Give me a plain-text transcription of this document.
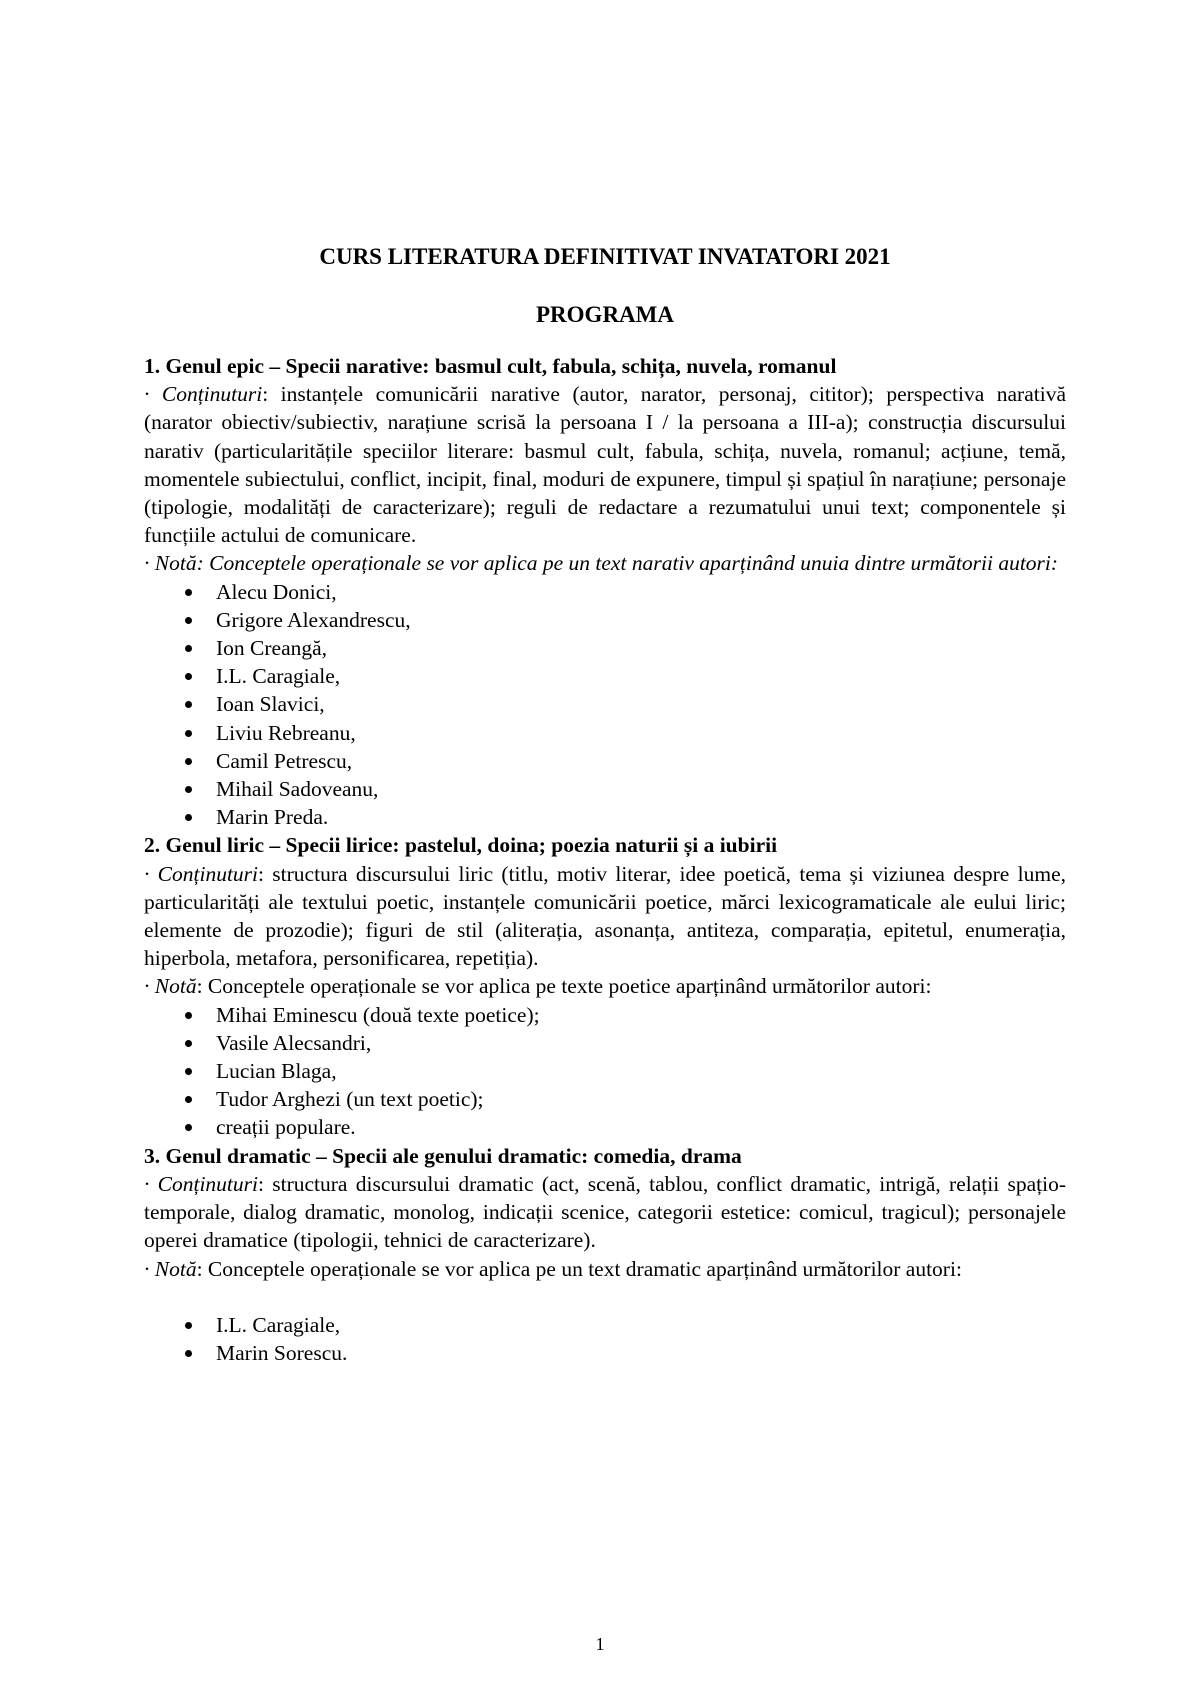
CURS LITERATURA DEFINITIVAT INVATATORI 2021

PROGRAMA

1. Genul epic – Specii narative: basmul cult, fabula, schița, nuvela, romanul

· Conținuturi: instanțele comunicării narative (autor, narator, personaj, cititor); perspectiva narativă (narator obiectiv/subiectiv, narațiune scrisă la persoana I / la persoana a III-a); construcția discursului narativ (particularitățile speciilor literare: basmul cult, fabula, schița, nuvela, romanul; acțiune, temă, momentele subiectului, conflict, incipit, final, moduri de expunere, timpul și spațiul în narațiune; personaje (tipologie, modalități de caracterizare); reguli de redactare a rezumatului unui text; componentele și funcțiile actului de comunicare.

· Notă: Conceptele operaționale se vor aplica pe un text narativ aparținând unuia dintre următorii autori:

Alecu Donici,
Grigore Alexandrescu,
Ion Creangă,
I.L. Caragiale,
Ioan Slavici,
Liviu Rebreanu,
Camil Petrescu,
Mihail Sadoveanu,
Marin Preda.

2. Genul liric – Specii lirice: pastelul, doina; poezia naturii și a iubirii

· Conținuturi: structura discursului liric (titlu, motiv literar, idee poetică, tema și viziunea despre lume, particularități ale textului poetic, instanțele comunicării poetice, mărci lexicogramaticale ale eului liric; elemente de prozodie); figuri de stil (aliterația, asonanța, antiteza, comparația, epitetul, enumerația, hiperbola, metafora, personificarea, repetiția).

· Notă: Conceptele operaționale se vor aplica pe texte poetice aparținând următorilor autori:

Mihai Eminescu (două texte poetice);
Vasile Alecsandri,
Lucian Blaga,
Tudor Arghezi (un text poetic);
creații populare.

3. Genul dramatic – Specii ale genului dramatic: comedia, drama

· Conținuturi: structura discursului dramatic (act, scenă, tablou, conflict dramatic, intrigă, relații spațio-temporale, dialog dramatic, monolog, indicații scenice, categorii estetice: comicul, tragicul); personajele operei dramatice (tipologii, tehnici de caracterizare).

· Notă: Conceptele operaționale se vor aplica pe un text dramatic aparținând următorilor autori:

I.L. Caragiale,
Marin Sorescu.
1
